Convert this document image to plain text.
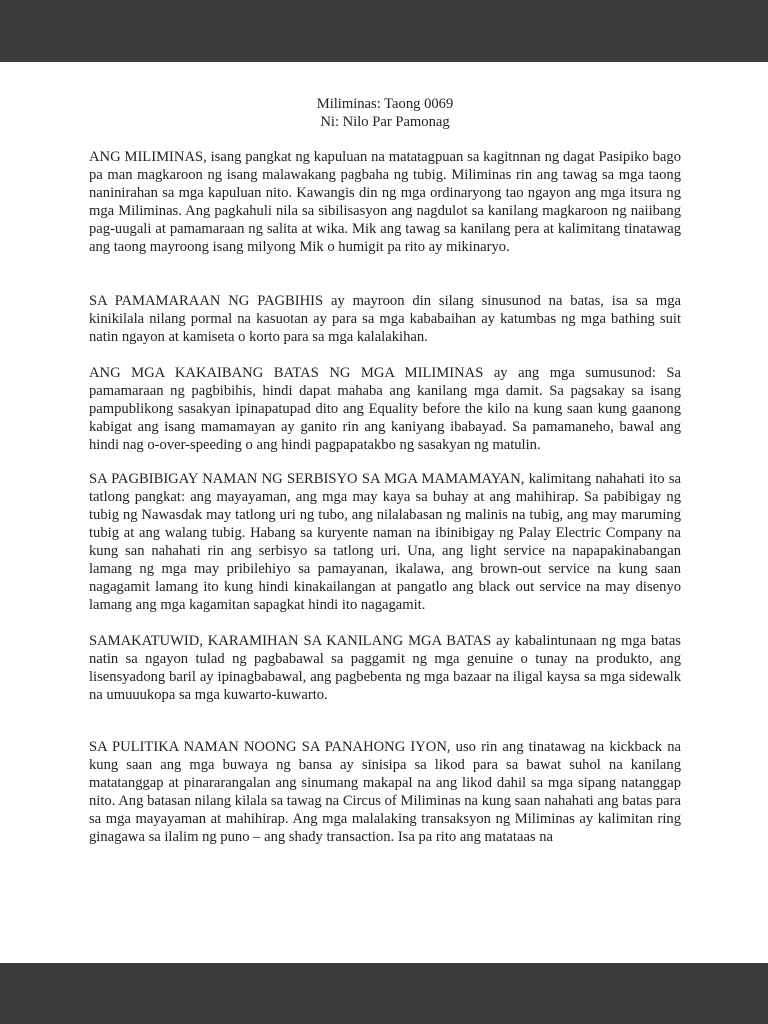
Miliminas: Taong 0069
Ni: Nilo Par Pamonag

ANG MILIMINAS, isang pangkat ng kapuluan na matatagpuan sa kagitnnan ng dagat Pasipiko bago pa man magkaroon ng isang malawakang pagbaha ng tubig. Miliminas rin ang tawag sa mga taong naninirahan sa mga kapuluan nito. Kawangis din ng mga ordinaryong tao ngayon ang mga itsura ng mga Miliminas. Ang pagkahuli nila sa sibilisasyon ang nagdulot sa kanilang magkaroon ng naiibang pag-uugali at pamamaraan ng salita at wika. Mik ang tawag sa kanilang pera at kalimitang tinatawag ang taong mayroong isang milyong Mik o humigit pa rito ay mikinaryo.

SA PAMAMARAAN NG PAGBIHIS ay mayroon din silang sinusunod na batas, isa sa mga kinikilala nilang pormal na kasuotan ay para sa mga kababaihan ay katumbas ng mga bathing suit natin ngayon at kamiseta o korto para sa mga kalalakihan.

ANG MGA KAKAIBANG BATAS NG MGA MILIMINAS ay ang mga sumusunod: Sa pamamaraan ng pagbibihis, hindi dapat mahaba ang kanilang mga damit. Sa pagsakay sa isang pampublikong sasakyan ipinapatupad dito ang Equality before the kilo na kung saan kung gaanong kabigat ang isang mamamayan ay ganito rin ang kaniyang ibabayad. Sa pamamaneho, bawal ang hindi nag o-over-speeding o ang hindi pagpapatakbo ng sasakyan ng matulin.

SA PAGBIBIGAY NAMAN NG SERBISYO SA MGA MAMAMAYAN, kalimitang nahahati ito sa tatlong pangkat: ang mayayaman, ang mga may kaya sa buhay at ang mahihirap. Sa pabibigay ng tubig ng Nawasdak may tatlong uri ng tubo, ang nilalabasan ng malinis na tubig, ang may maruming tubig at ang walang tubig. Habang sa kuryente naman na ibinibigay ng Palay Electric Company na kung san nahahati rin ang serbisyo sa tatlong uri. Una, ang light service na napapakinabangan lamang ng mga may pribilehiyo sa pamayanan, ikalawa, ang brown-out service na kung saan nagagamit lamang ito kung hindi kinakailangan at pangatlo ang black out service na may disenyo lamang ang mga kagamitan sapagkat hindi ito nagagamit.

SAMAKATUWID, KARAMIHAN SA KANILANG MGA BATAS ay kabalintunaan ng mga batas natin sa ngayon tulad ng pagbabawal sa paggamit ng mga genuine o tunay na produkto, ang lisensyadong baril ay ipinagbabawal, ang pagbebenta ng mga bazaar na iligal kaysa sa mga sidewalk na umuuukopa sa mga kuwarto-kuwarto.

SA PULITIKA NAMAN NOONG SA PANAHONG IYON, uso rin ang tinatawag na kickback na kung saan ang mga buwaya ng bansa ay sinisipa sa likod para sa bawat suhol na kanilang matatanggap at pinararangalan ang sinumang makapal na ang likod dahil sa mga sipang natanggap nito. Ang batasan nilang kilala sa tawag na Circus of Miliminas na kung saan nahahati ang batas para sa mga mayayaman at mahihirap. Ang mga malalaking transaksyon ng Miliminas ay kalimitan ring ginagawa sa ilalim ng puno – ang shady transaction. Isa pa rito ang matataas na
